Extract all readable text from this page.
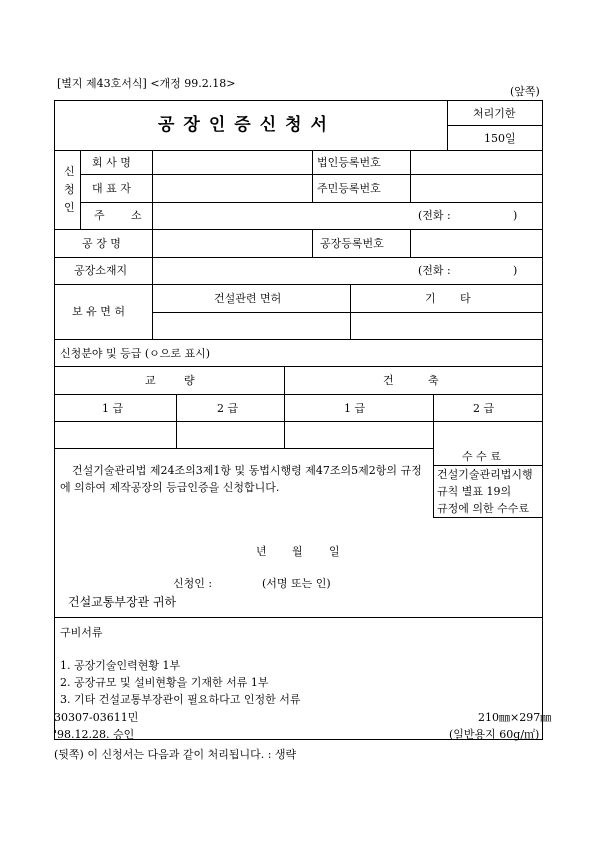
[별지 제43호서식] <개정 99.2.18>
(앞쪽)
공장인증신청서
처리기한
150일
신
청
인
회 사 명	법인등록번호
대 표 자	주민등록번호
주 소	(전화 :	)
공 장 명	공장등록번호
공장소재지	(전화 :	)
보 유 면 허
건설관련 면허	기 타
신청분야 및 등급 (ㅇ으로 표시)
교	량	건	축
1 급	2 급	1 급	2 급
건설기술관리법 제24조의3제1항 및 동법시행령 제47조의5제2항의 규정
에 의하여 제작공장의 등급인증을 신청합니다.
수 수 료
건설기술관리법시행
규칙 별표 19의
규정에 의한 수수료
년 월 일
신청인 :	(서명 또는 인)
건설교통부장관 귀하
구비서류
1. 공장기술인력현황 1부
2. 공장규모 및 설비현황을 기재한 서류 1부
3. 기타 건설교통부장관이 필요하다고 인정한 서류
30307-03611민	210㎜×297㎜
'98.12.28. 승인	(일반용지 60g/㎡)
(뒷쪽) 이 신청서는 다음과 같이 처리됩니다. : 생략
